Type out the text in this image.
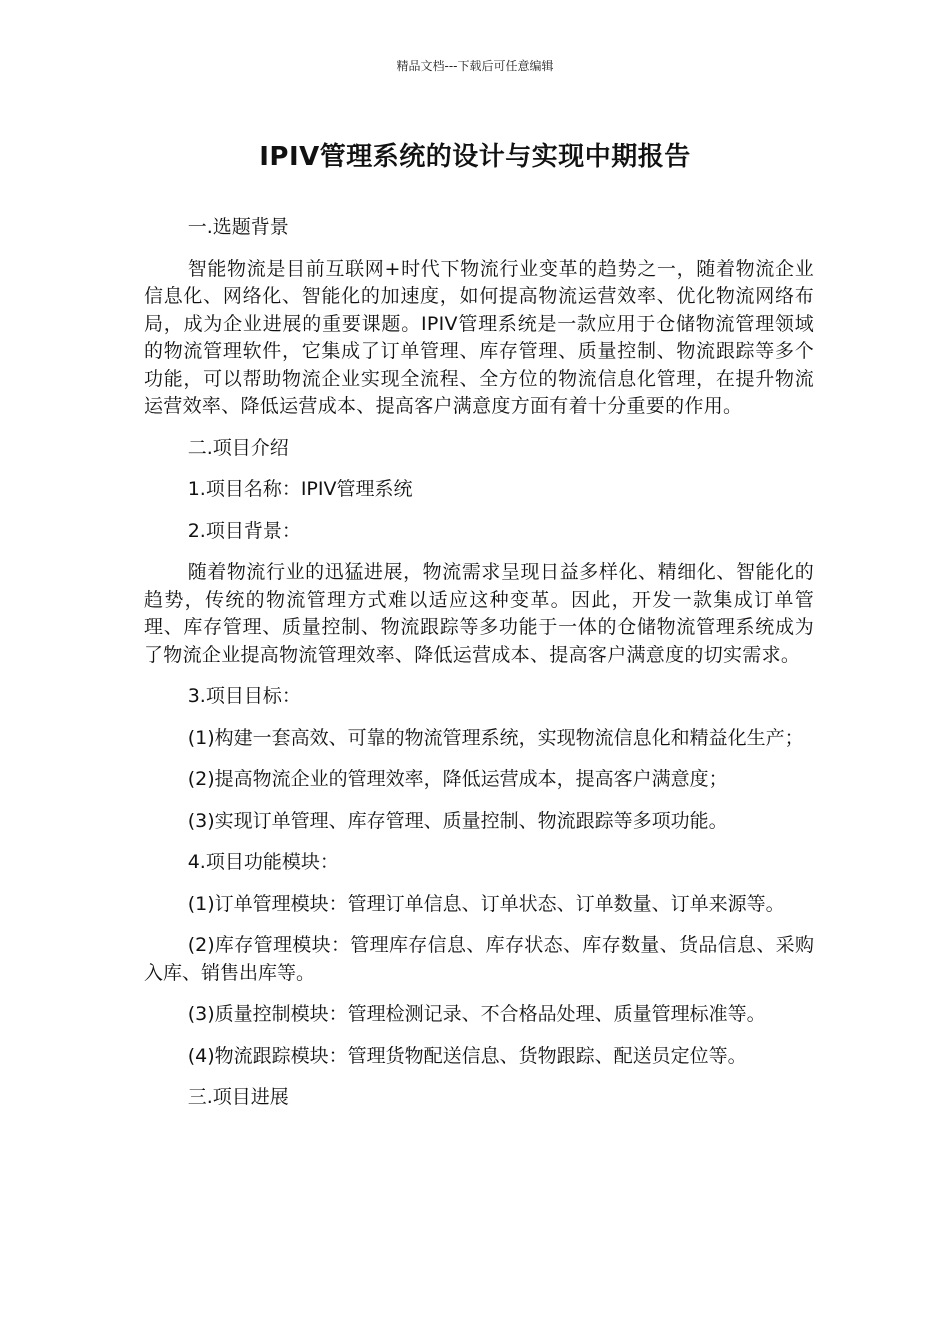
精品文档---下载后可任意编辑
IPIV管理系统的设计与实现中期报告

一.选题背景

智能物流是目前互联网+时代下物流行业变革的趋势之一，随着物流企业信息化、网络化、智能化的加速度，如何提高物流运营效率、优化物流网络布局，成为企业进展的重要课题。IPIV管理系统是一款应用于仓储物流管理领域的物流管理软件，它集成了订单管理、库存管理、质量控制、物流跟踪等多个功能，可以帮助物流企业实现全流程、全方位的物流信息化管理，在提升物流运营效率、降低运营成本、提高客户满意度方面有着十分重要的作用。

二.项目介绍

1.项目名称：IPIV管理系统

2.项目背景：

随着物流行业的迅猛进展，物流需求呈现日益多样化、精细化、智能化的趋势，传统的物流管理方式难以适应这种变革。因此，开发一款集成订单管理、库存管理、质量控制、物流跟踪等多功能于一体的仓储物流管理系统成为了物流企业提高物流管理效率、降低运营成本、提高客户满意度的切实需求。

3.项目目标：

(1)构建一套高效、可靠的物流管理系统，实现物流信息化和精益化生产；

(2)提高物流企业的管理效率，降低运营成本，提高客户满意度；

(3)实现订单管理、库存管理、质量控制、物流跟踪等多项功能。

4.项目功能模块：

(1)订单管理模块：管理订单信息、订单状态、订单数量、订单来源等。

(2)库存管理模块：管理库存信息、库存状态、库存数量、货品信息、采购入库、销售出库等。

(3)质量控制模块：管理检测记录、不合格品处理、质量管理标准等。

(4)物流跟踪模块：管理货物配送信息、货物跟踪、配送员定位等。

三.项目进展
